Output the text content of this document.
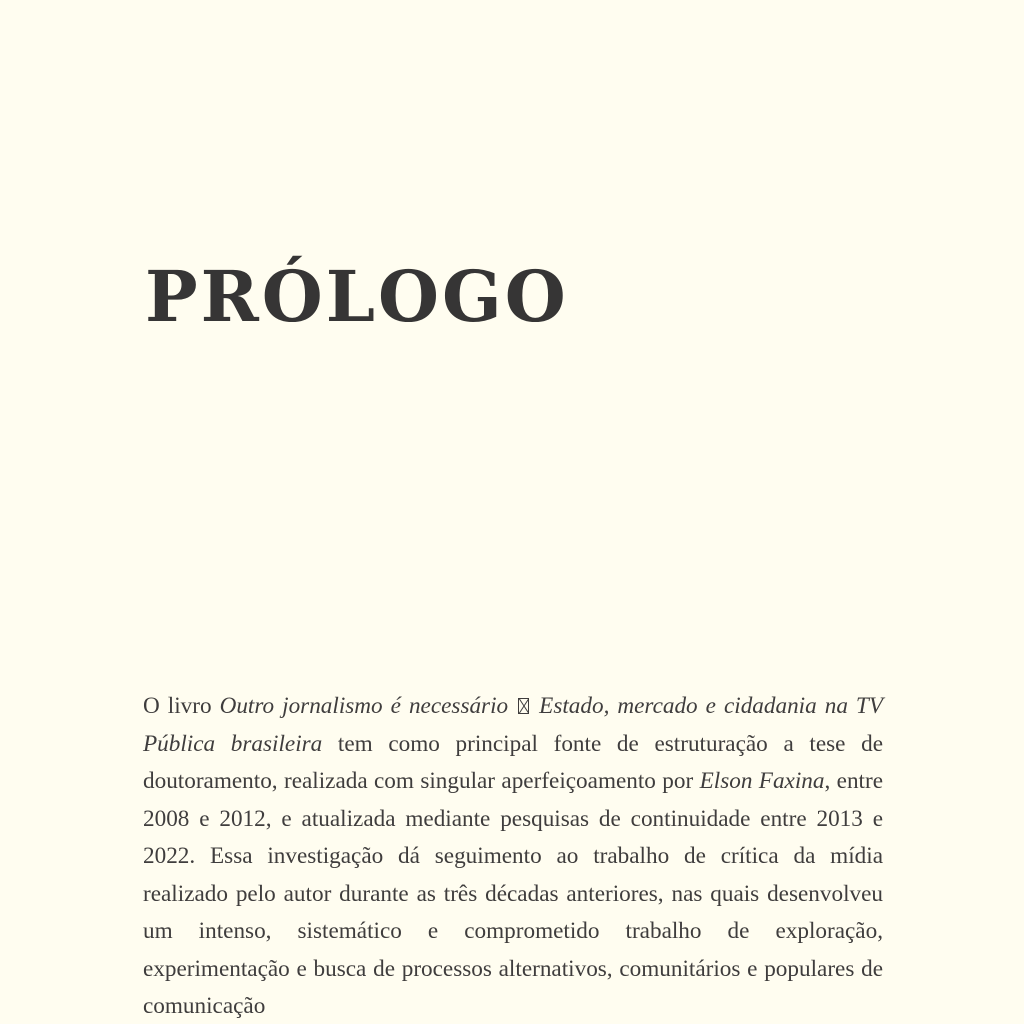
PRÓLOGO

O livro Outro jornalismo é necessário Estado, mercado e cidadania na TV Pública brasileira tem como principal fonte de estruturação a tese de doutoramento, realizada com singular aperfeiçoamento por Elson Faxina, entre 2008 e 2012, e atualizada mediante pesquisas de continuidade entre 2013 e 2022. Essa investigação dá seguimento ao trabalho de crítica da mídia realizado pelo autor durante as três décadas anteriores, nas quais desenvolveu um intenso, sistemático e comprometido trabalho de exploração, experimentação e busca de processos alternativos, comunitários e populares de comunicação
